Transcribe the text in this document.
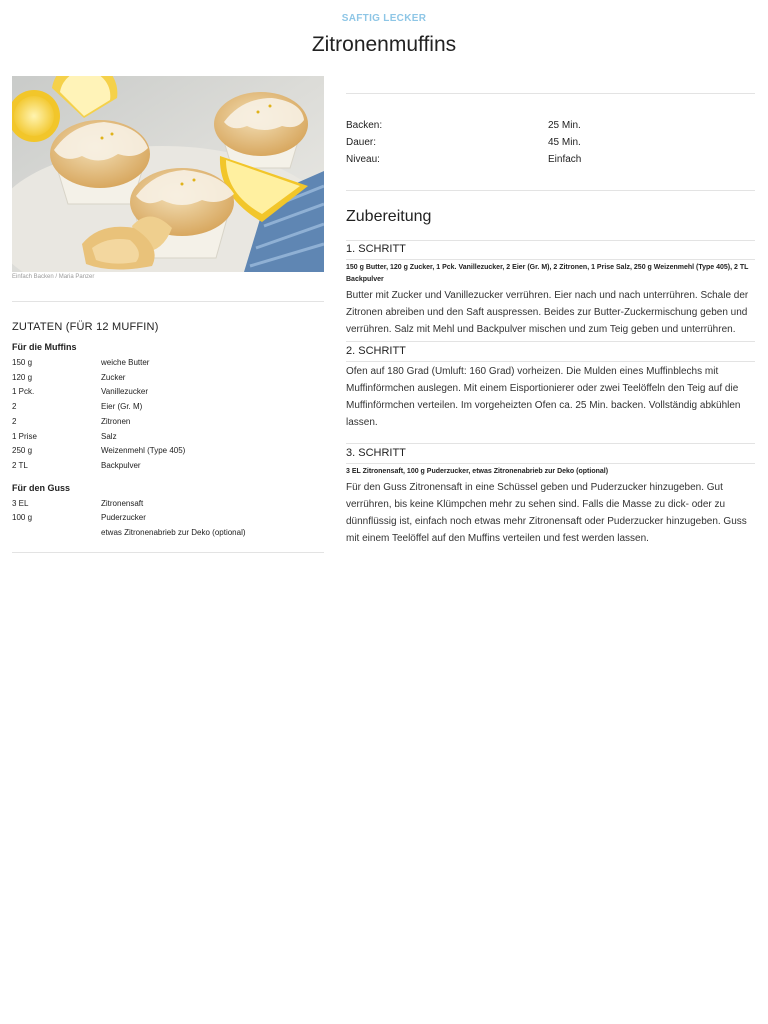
SAFTIG LECKER
Zitronenmuffins
Einfach Backen / Maria Panzer
ZUTATEN (FÜR 12 MUFFIN)
Für die Muffins
150 g	weiche Butter
120 g	Zucker
1 Pck.	Vanillezucker
2	Eier (Gr. M)
2	Zitronen
1 Prise	Salz
250 g	Weizenmehl (Type 405)
2 TL	Backpulver
Für den Guss
3 EL	Zitronensaft
100 g	Puderzucker
etwas Zitronenabrieb zur Deko (optional)
Backen:	25 Min.
Dauer:	45 Min.
Niveau:	Einfach
Zubereitung
1. SCHRITT
150 g Butter, 120 g Zucker, 1 Pck. Vanillezucker, 2 Eier (Gr. M), 2 Zitronen, 1 Prise Salz, 250 g Weizenmehl (Type 405), 2 TL Backpulver
Butter mit Zucker und Vanillezucker verrühren. Eier nach und nach unterrühren. Schale der Zitronen abreiben und den Saft auspressen. Beides zur Butter-Zuckermischung geben und verrühren. Salz mit Mehl und Backpulver mischen und zum Teig geben und unterrühren.
2. SCHRITT
Ofen auf 180 Grad (Umluft: 160 Grad) vorheizen. Die Mulden eines Muffinblechs mit Muffinförmchen auslegen. Mit einem Eisportionierer oder zwei Teelöffeln den Teig auf die Muffinförmchen verteilen. Im vorgeheizten Ofen ca. 25 Min. backen. Vollständig abkühlen lassen.
3. SCHRITT
3 EL Zitronensaft, 100 g Puderzucker, etwas Zitronenabrieb zur Deko (optional)
Für den Guss Zitronensaft in eine Schüssel geben und Puderzucker hinzugeben. Gut verrühren, bis keine Klümpchen mehr zu sehen sind. Falls die Masse zu dick- oder zu dünnflüssig ist, einfach noch etwas mehr Zitronensaft oder Puderzucker hinzugeben. Guss mit einem Teelöffel auf den Muffins verteilen und fest werden lassen.
